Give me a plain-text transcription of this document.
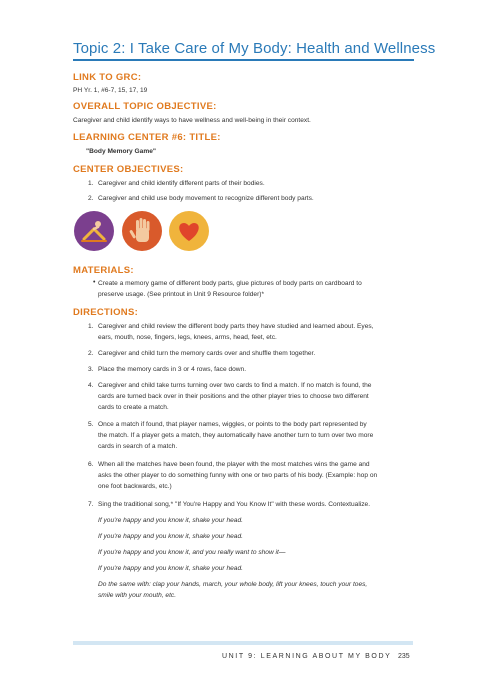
Topic 2: I Take Care of My Body: Health and Wellness
LINK TO GRC:
PH Yr. 1, #6-7, 15, 17, 19
OVERALL TOPIC OBJECTIVE:
Caregiver and child identify ways to have wellness and well-being in their context.
LEARNING CENTER #6: TITLE:
"Body Memory Game"
CENTER OBJECTIVES:
1. Caregiver and child identify different parts of their bodies.
2. Caregiver and child use body movement to recognize different body parts.
MATERIALS:
• Create a memory game of different body parts, glue pictures of body parts on cardboard to
preserve usage. (See printout in Unit 9 Resource folder)*
DIRECTIONS:
1. Caregiver and child review the different body parts they have studied and learned about. Eyes,
ears, mouth, nose, fingers, legs, knees, arms, head, feet, etc.
2. Caregiver and child turn the memory cards over and shuffle them together.
3. Place the memory cards in 3 or 4 rows, face down.
4. Caregiver and child take turns turning over two cards to find a match. If no match is found, the
cards are turned back over in their positions and the other player tries to choose two different
cards to create a match.
5. Once a match if found, that player names, wiggles, or points to the body part represented by
the match. If a player gets a match, they automatically have another turn to turn over two more
cards in search of a match.
6. When all the matches have been found, the player with the most matches wins the game and
asks the other player to do something funny with one or two parts of his body. (Example: hop on
one foot backwards, etc.)
7. Sing the traditional song,* "If You're Happy and You Know It" with these words. Contextualize.
If you're happy and you know it, shake your head.
If you're happy and you know it, shake your head.
If you're happy and you know it, and you really want to show it—
If you're happy and you know it, shake your head.
Do the same with: clap your hands, march, your whole body, lift your knees, touch your toes,
smile with your mouth, etc.
UNIT 9: LEARNING ABOUT MY BODY 235
